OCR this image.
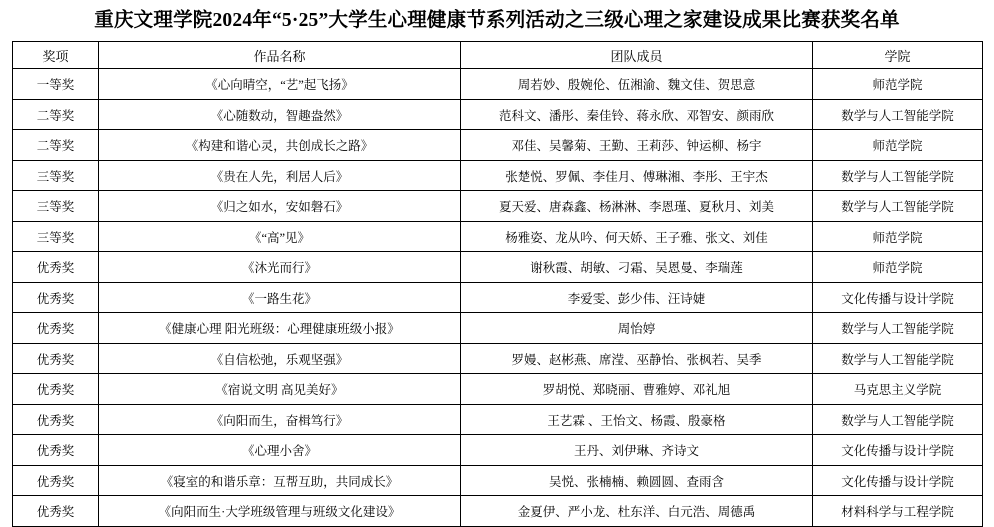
重庆文理学院2024年“5·25”大学生心理健康节系列活动之三级心理之家建设成果比赛获奖名单
奖项	作品名称	团队成员	学院
一等奖	《心向晴空，“艺”起飞扬》	周若妙、殷婉伦、伍湘渝、魏文佳、贺思意	师范学院
二等奖	《心随数动，智趣盎然》	范科文、潘彤、秦佳铃、蒋永欣、邓智安、颜雨欣	数学与人工智能学院
二等奖	《构建和谐心灵，共创成长之路》	邓佳、吴馨菊、王勤、王莉莎、钟运柳、杨宇	师范学院
三等奖	《贵在人先，利居人后》	张楚悦、罗佩、李佳月、傅琳湘、李彤、王宇杰	数学与人工智能学院
三等奖	《归之如水，安如磐石》	夏天爱、唐森鑫、杨淋淋、李恩瑾、夏秋月、刘美	数学与人工智能学院
三等奖	《“高”见》	杨雅姿、龙从吟、何天娇、王子雅、张文、刘佳	师范学院
优秀奖	《沐光而行》	谢秋霞、胡敏、刁霜、吴恩曼、李瑞莲	师范学院
优秀奖	《一路生花》	李爱雯、彭少伟、汪诗婕	文化传播与设计学院
优秀奖	《健康心理 阳光班级：心理健康班级小报》	周怡婷	数学与人工智能学院
优秀奖	《自信松弛，乐观坚强》	罗嫚、赵彬燕、席滢、巫静怡、张枫若、吴季	数学与人工智能学院
优秀奖	《宿说文明 高见美好》	罗胡悦、郑晓丽、曹雅婷、邓礼旭	马克思主义学院
优秀奖	《向阳而生，奋楫笃行》	王艺霖 、王怡文、杨霞、殷豪格	数学与人工智能学院
优秀奖	《心理小舍》	王丹、刘伊琳、齐诗文	文化传播与设计学院
优秀奖	《寝室的和谐乐章：互帮互助，共同成长》	吴悦、张楠楠、赖圆圆、查雨含	文化传播与设计学院
优秀奖	《向阳而生·大学班级管理与班级文化建设》	金夏伊、严小龙、杜东洋、白元浩、周德禹	材料科学与工程学院
